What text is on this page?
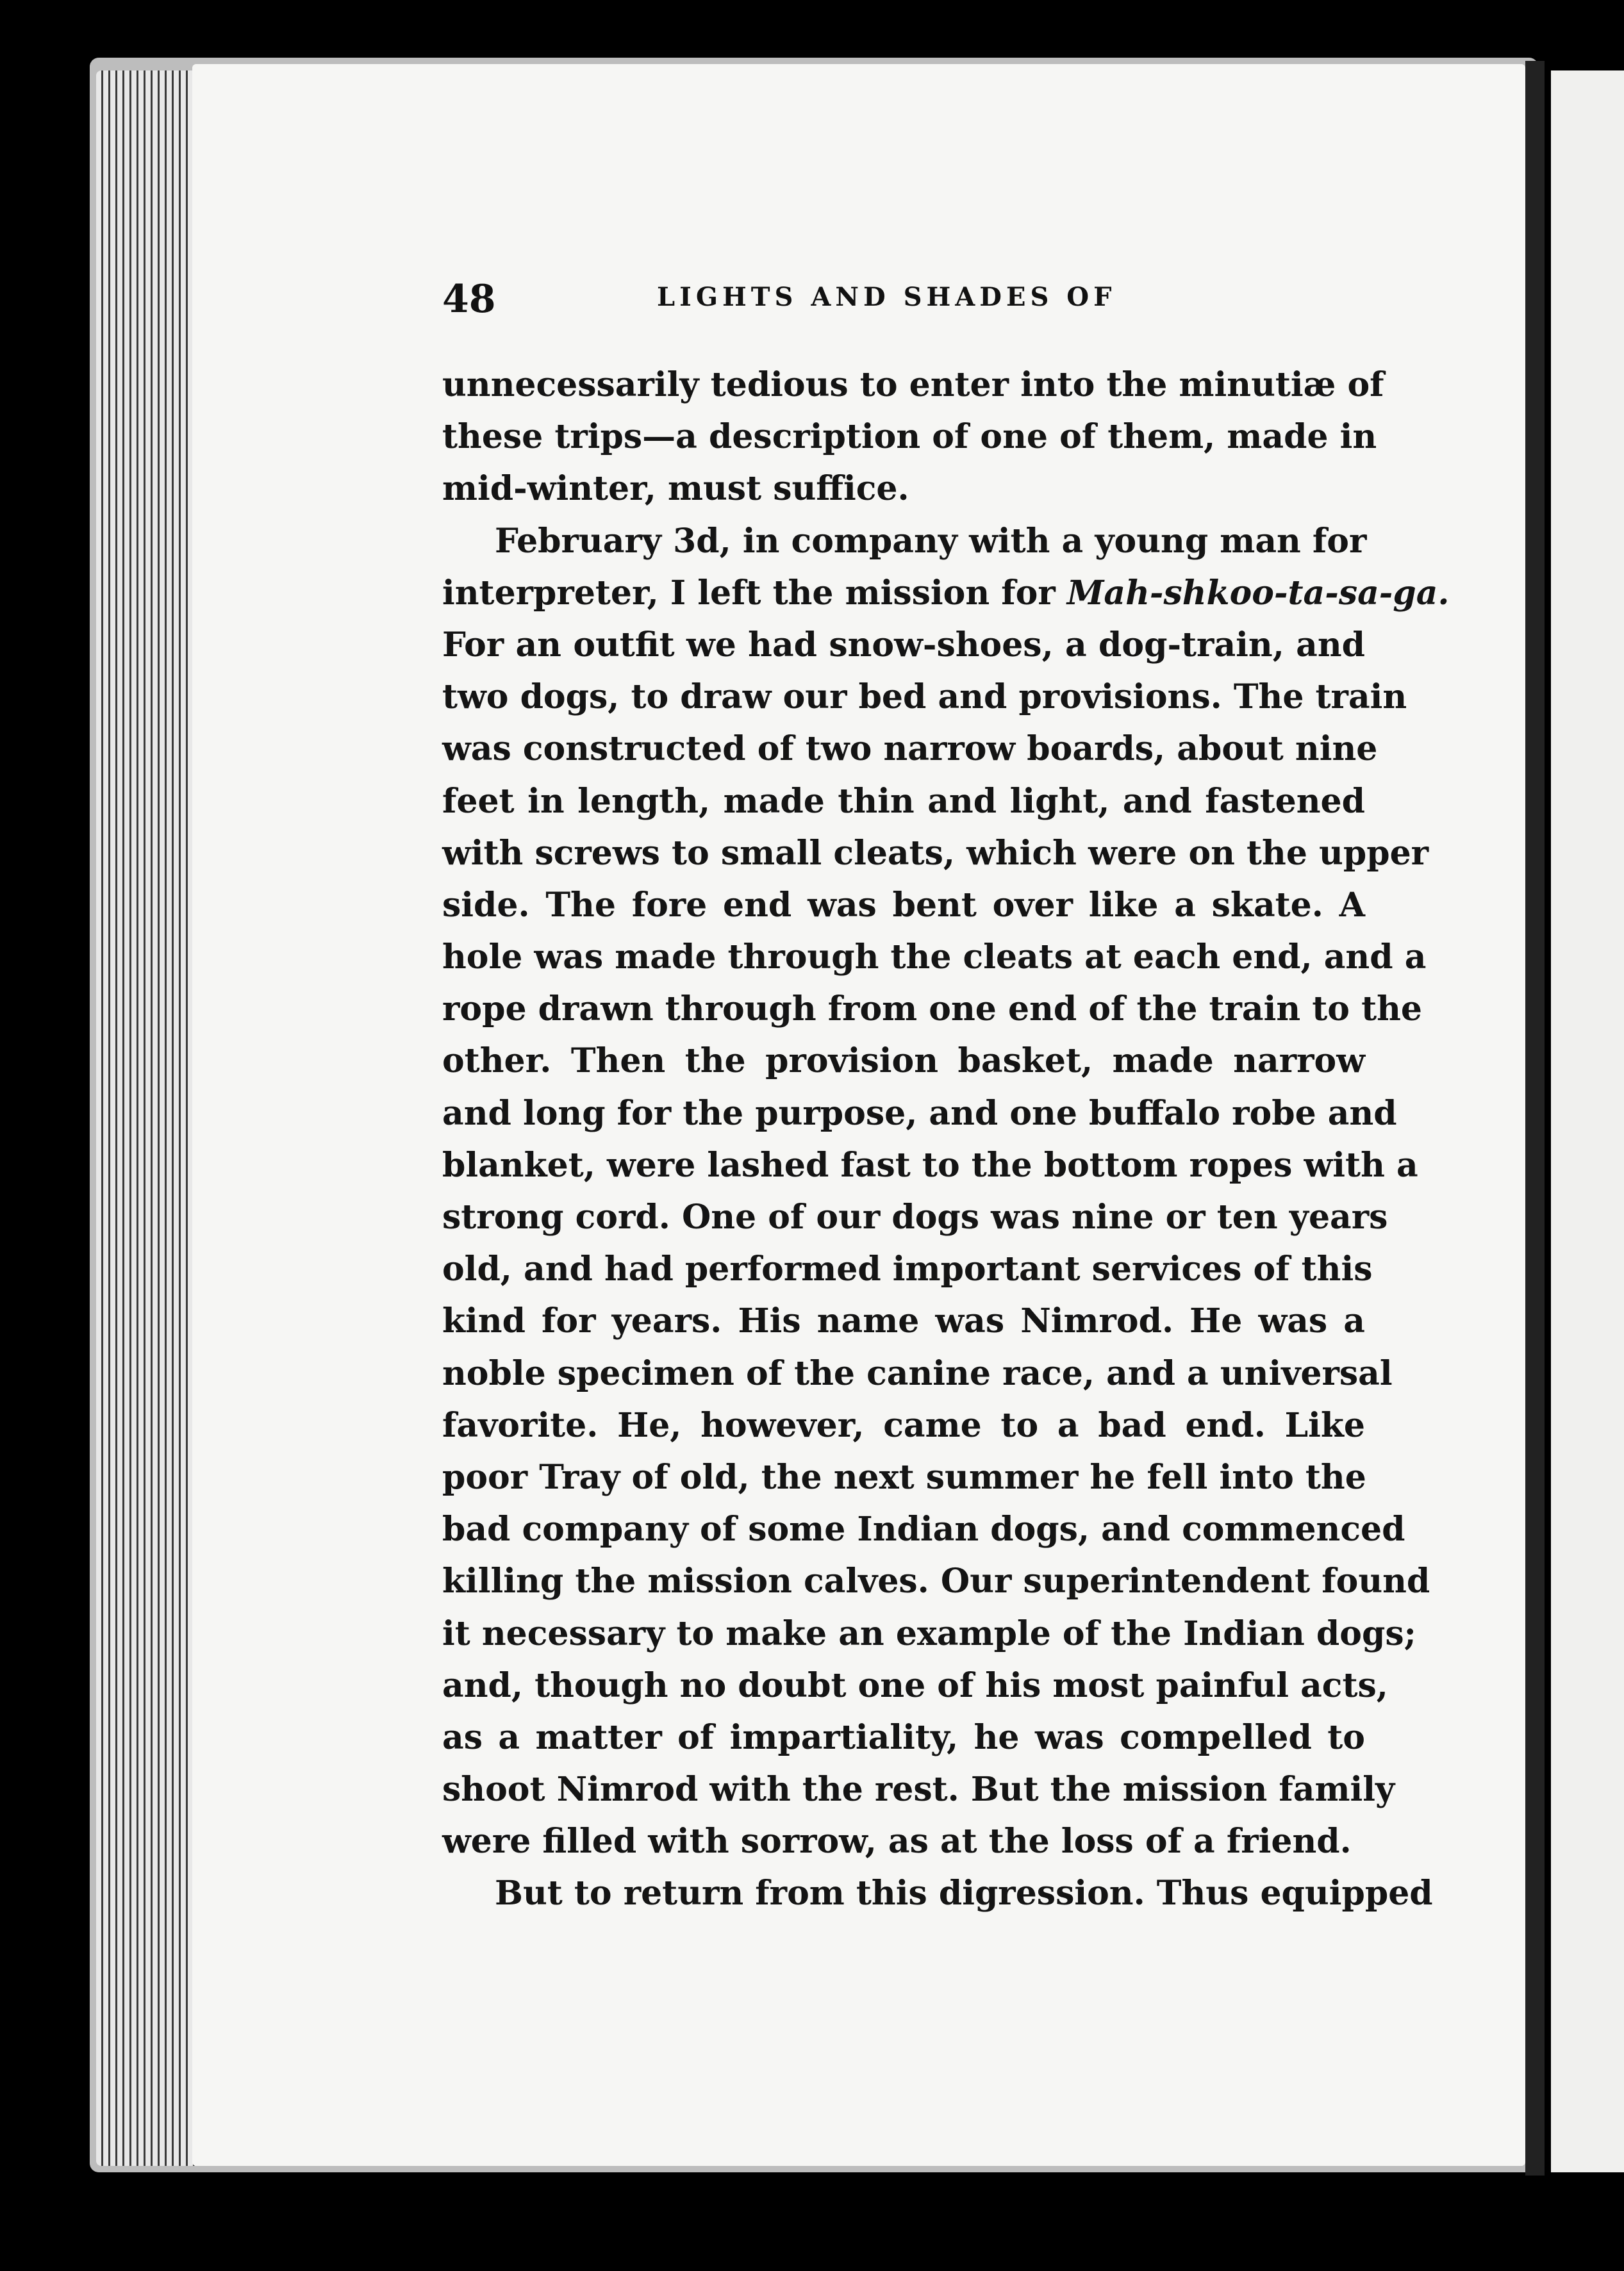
48	LIGHTS AND SHADES OF
unnecessarily tedious to enter into the minutiæ of
these trips—a description of one of them, made in
mid-winter, must suffice.
February 3d, in company with a young man for
interpreter, I left the mission for Mah-shkoo-ta-sa-ga.
For an outfit we had snow-shoes, a dog-train, and
two dogs, to draw our bed and provisions. The train
was constructed of two narrow boards, about nine
feet in length, made thin and light, and fastened
with screws to small cleats, which were on the upper
side. The fore end was bent over like a skate. A
hole was made through the cleats at each end, and a
rope drawn through from one end of the train to the
other. Then the provision basket, made narrow
and long for the purpose, and one buffalo robe and
blanket, were lashed fast to the bottom ropes with a
strong cord. One of our dogs was nine or ten years
old, and had performed important services of this
kind for years. His name was Nimrod. He was a
noble specimen of the canine race, and a universal
favorite. He, however, came to a bad end. Like
poor Tray of old, the next summer he fell into the
bad company of some Indian dogs, and commenced
killing the mission calves. Our superintendent found
it necessary to make an example of the Indian dogs;
and, though no doubt one of his most painful acts,
as a matter of impartiality, he was compelled to
shoot Nimrod with the rest. But the mission family
were filled with sorrow, as at the loss of a friend.
But to return from this digression. Thus equipped
